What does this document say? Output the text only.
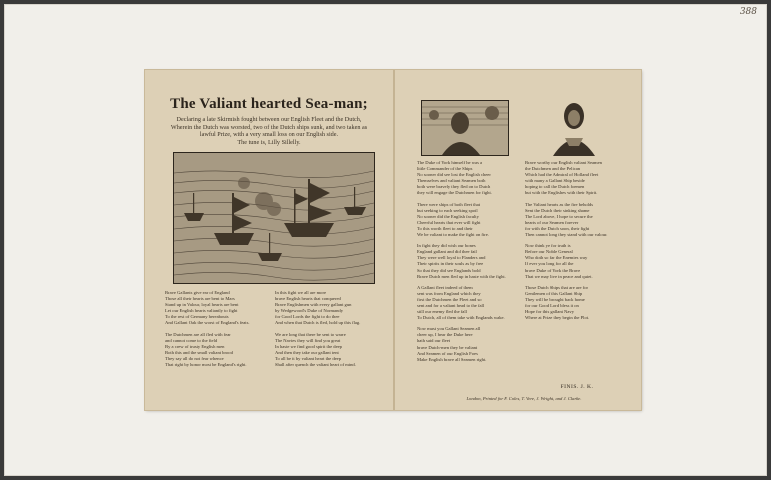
388
The Valiant hearted Sea-man;
Declaring a late Skirmish fought between our English Fleet and the Dutch,
Wherein the Dutch was worsted, two of the Dutch ships sunk, and two taken as
lawful Prize, with a very small loss on our English side.
The tune is, Lilly Sillelly.
Brave Gallants give ear of England
Those all their hearts are bent to Mars
Stand up in Valour, loyal hearts are bent
Let our English hearts valiantly to fight
To the rest of Germany hereabouts
And Gallant Oak the worst of England's feats.
The Dutchmen are all fled with fear
and cannot come to the field
By a crew of trusty English men
Both this and the small valiant brood
They say all do not fear whence
That right by honor most be England's right.
In this fight we all are more
brave English hearts that conquered
Brave Englishmen with every gallant gun
by Wedgewood's Duke of Normandy
for Good Lords the fight to do thee
And when that Dutch is fled, hold up this flag.
We are long that there be sent to warre
The Navies they will find you great
In haste we find good spirit the deep
And then they take our gallant tent
To all be it by valiant heart the deep
Shall after quench the valiant heart of mind.
The Duke of York himself he was a
little Commander of the Ships
No sooner did see lost the English cheer
Themselves and valiant Seamen both
both were bravely they fled on to Dutch
they will engage the Dutchmen for fight.
There were ships of both fleet that
but seeking to each seeking spoil
No sooner did the English faculty
Cheerful hearts that ever will fight
To this worth fleet to and their
We be valiant to make the fight on fire.
In fight they did wish our bones
England gallant and did thee fail
They were well loyal to Flanders and
Their spirits in their souls as by free
So that they did see Englands bold
Brave Dutch men fled up in haste with the fight.
A Gallant fleet indeed of them
sent was from England which they
first the Dutchmen the Fleet and so
sent and for a valiant head to the fall
still our enemy fled the fall
To Dutch, all of them take with Englands wake.
Now must you Gallant Seamen all
cheer up, I hear the Duke here
hath said our fleet
brave Dutch-men they be valiant
And Seamen of our English Foes
Make English brave all Seamen right.
Brave worthy our English valiant Seamen
the Dutchmen and the Pelican
Which had the Admiral of Holland fleet
with many a Gallant Ship beside
hoping to call the Dutch foemen
but with the Englishes with their Spirit.
The Valiant hearts as the fire beholds
Sent the Dutch their sinking shame
The Lord above, I hope to secure the
hearts of our Seamen forever
for with the Dutch soon, their fight
Then cannot long they stand with our valour.
Now think ye for truth is
Before our Noble General
Who doth so far the Enemies way
If ever you long for all the
brave Duke of York the Brave
That we may live in peace and quiet.
Those Dutch Ships that are are for
Gentlemen of this Gallant Ship
They will be brought back home
for our Good Lord bless it on
Hope for this gallant Navy
Where at Prize they begin the Plot.
FINIS. J. K.
London, Printed for F. Coles, T. Vere, J. Wright, and J. Clarke.
